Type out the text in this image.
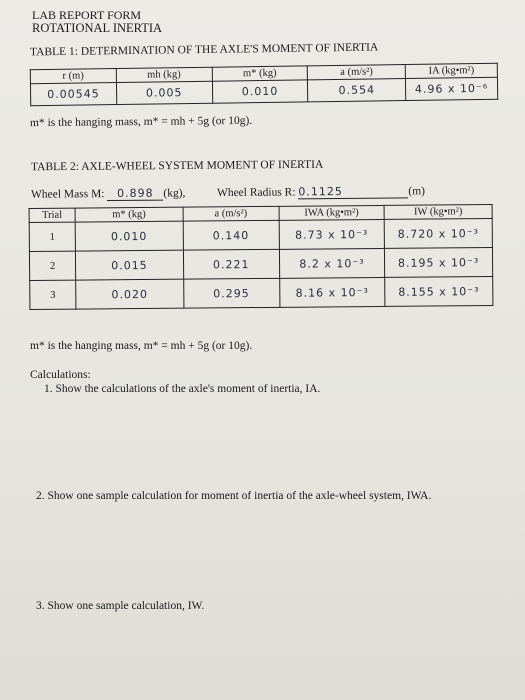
LAB REPORT FORM
ROTATIONAL INERTIA
TABLE 1: DETERMINATION OF THE AXLE'S MOMENT OF INERTIA
r (m)	mh (kg)	m* (kg)	a (m/s²)	IA (kg•m²)
0.00545	0.005	0.010	0.554	4.96 x 10⁻⁶
m* is the hanging mass, m* = mh + 5g (or 10g).
TABLE 2: AXLE-WHEEL SYSTEM MOMENT OF INERTIA
Wheel Mass M: 0.898 (kg),	Wheel Radius R: 0.1125	(m)
Trial	m* (kg)	a (m/s²)	IWA (kg•m²)	IW (kg•m²)
1	0.010	0.140	8.73 x 10⁻³	8.720 x 10⁻³
2	0.015	0.221	8.2 x 10⁻³	8.195 x 10⁻³
3	0.020	0.295	8.16 x 10⁻³	8.155 x 10⁻³
m* is the hanging mass, m* = mh + 5g (or 10g).
Calculations:
1. Show the calculations of the axle's moment of inertia, IA.
2. Show one sample calculation for moment of inertia of the axle-wheel system, IWA.
3. Show one sample calculation, IW.
